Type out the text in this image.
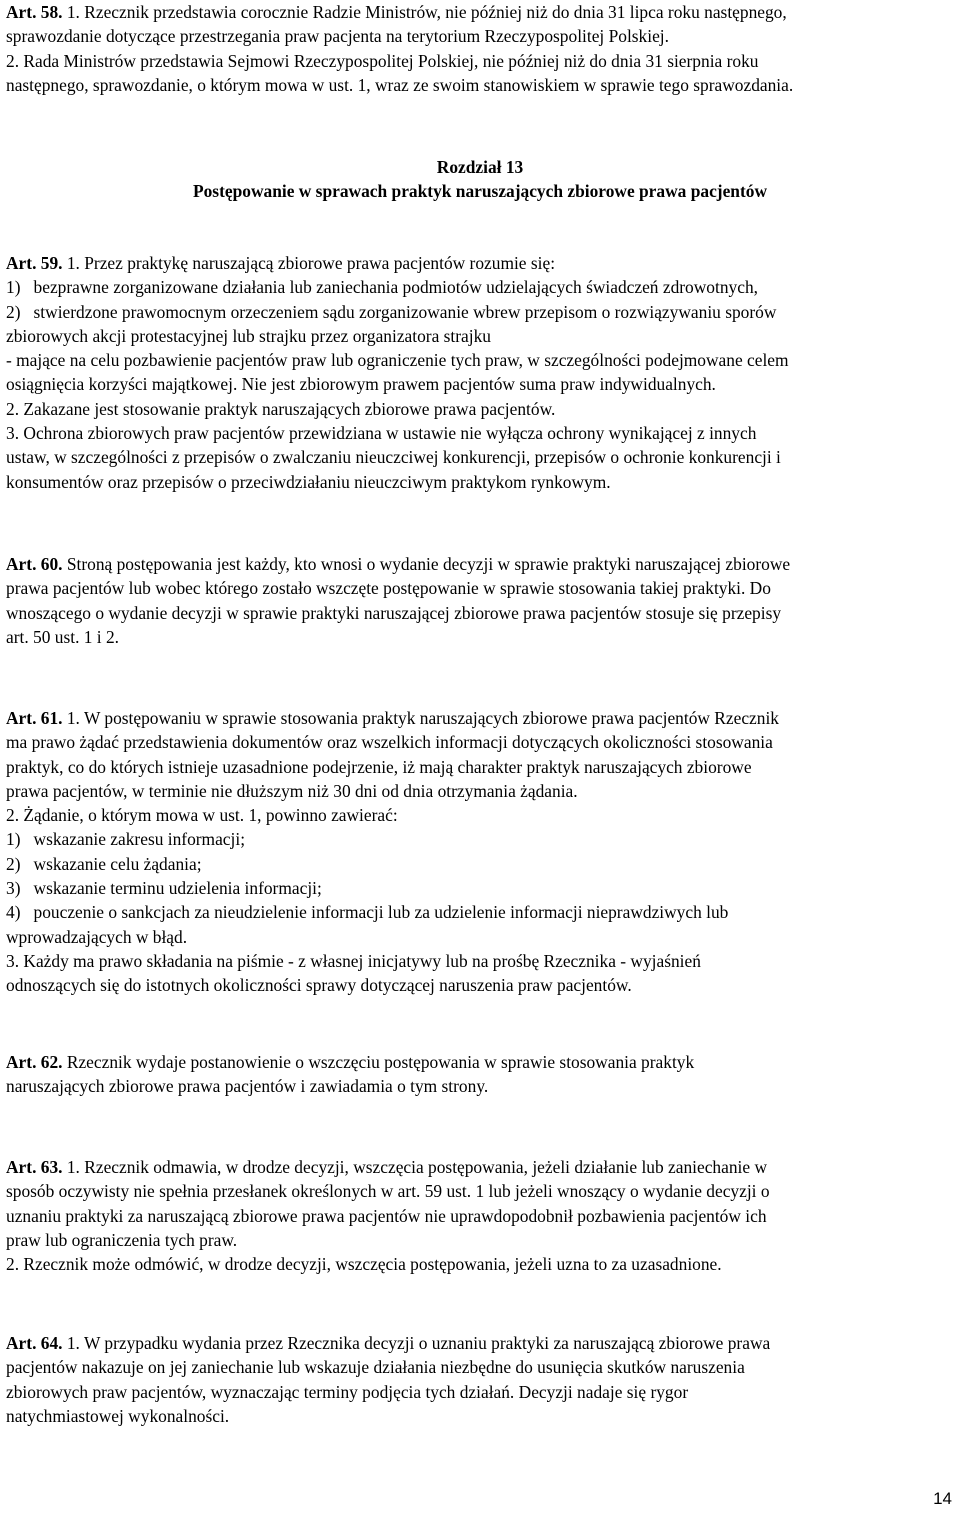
Art. 58. 1. Rzecznik przedstawia corocznie Radzie Ministrów, nie później niż do dnia 31 lipca roku następnego,
sprawozdanie dotyczące przestrzegania praw pacjenta na terytorium Rzeczypospolitej Polskiej.
2. Rada Ministrów przedstawia Sejmowi Rzeczypospolitej Polskiej, nie później niż do dnia 31 sierpnia roku
następnego, sprawozdanie, o którym mowa w ust. 1, wraz ze swoim stanowiskiem w sprawie tego sprawozdania.
Rozdział 13
Postępowanie w sprawach praktyk naruszających zbiorowe prawa pacjentów
Art. 59. 1. Przez praktykę naruszającą zbiorowe prawa pacjentów rozumie się:
1)   bezprawne zorganizowane działania lub zaniechania podmiotów udzielających świadczeń zdrowotnych,
2)   stwierdzone prawomocnym orzeczeniem sądu zorganizowanie wbrew przepisom o rozwiązywaniu sporów
zbiorowych akcji protestacyjnej lub strajku przez organizatora strajku
- mające na celu pozbawienie pacjentów praw lub ograniczenie tych praw, w szczególności podejmowane celem
osiągnięcia korzyści majątkowej. Nie jest zbiorowym prawem pacjentów suma praw indywidualnych.
2. Zakazane jest stosowanie praktyk naruszających zbiorowe prawa pacjentów.
3. Ochrona zbiorowych praw pacjentów przewidziana w ustawie nie wyłącza ochrony wynikającej z innych
ustaw, w szczególności z przepisów o zwalczaniu nieuczciwej konkurencji, przepisów o ochronie konkurencji i
konsumentów oraz przepisów o przeciwdziałaniu nieuczciwym praktykom rynkowym.
Art. 60. Stroną postępowania jest każdy, kto wnosi o wydanie decyzji w sprawie praktyki naruszającej zbiorowe
prawa pacjentów lub wobec którego zostało wszczęte postępowanie w sprawie stosowania takiej praktyki. Do
wnoszącego o wydanie decyzji w sprawie praktyki naruszającej zbiorowe prawa pacjentów stosuje się przepisy
art. 50 ust. 1 i 2.
Art. 61. 1. W postępowaniu w sprawie stosowania praktyk naruszających zbiorowe prawa pacjentów Rzecznik
ma prawo żądać przedstawienia dokumentów oraz wszelkich informacji dotyczących okoliczności stosowania
praktyk, co do których istnieje uzasadnione podejrzenie, iż mają charakter praktyk naruszających zbiorowe
prawa pacjentów, w terminie nie dłuższym niż 30 dni od dnia otrzymania żądania.
2. Żądanie, o którym mowa w ust. 1, powinno zawierać:
1)   wskazanie zakresu informacji;
2)   wskazanie celu żądania;
3)   wskazanie terminu udzielenia informacji;
4)   pouczenie o sankcjach za nieudzielenie informacji lub za udzielenie informacji nieprawdziwych lub
wprowadzających w błąd.
3. Każdy ma prawo składania na piśmie - z własnej inicjatywy lub na prośbę Rzecznika - wyjaśnień
odnoszących się do istotnych okoliczności sprawy dotyczącej naruszenia praw pacjentów.
Art. 62. Rzecznik wydaje postanowienie o wszczęciu postępowania w sprawie stosowania praktyk
naruszających zbiorowe prawa pacjentów i zawiadamia o tym strony.
Art. 63. 1. Rzecznik odmawia, w drodze decyzji, wszczęcia postępowania, jeżeli działanie lub zaniechanie w
sposób oczywisty nie spełnia przesłanek określonych w art. 59 ust. 1 lub jeżeli wnoszący o wydanie decyzji o
uznaniu praktyki za naruszającą zbiorowe prawa pacjentów nie uprawdopodobnił pozbawienia pacjentów ich
praw lub ograniczenia tych praw.
2. Rzecznik może odmówić, w drodze decyzji, wszczęcia postępowania, jeżeli uzna to za uzasadnione.
Art. 64. 1. W przypadku wydania przez Rzecznika decyzji o uznaniu praktyki za naruszającą zbiorowe prawa
pacjentów nakazuje on jej zaniechanie lub wskazuje działania niezbędne do usunięcia skutków naruszenia
zbiorowych praw pacjentów, wyznaczając terminy podjęcia tych działań. Decyzji nadaje się rygor
natychmiastowej wykonalności.
14
